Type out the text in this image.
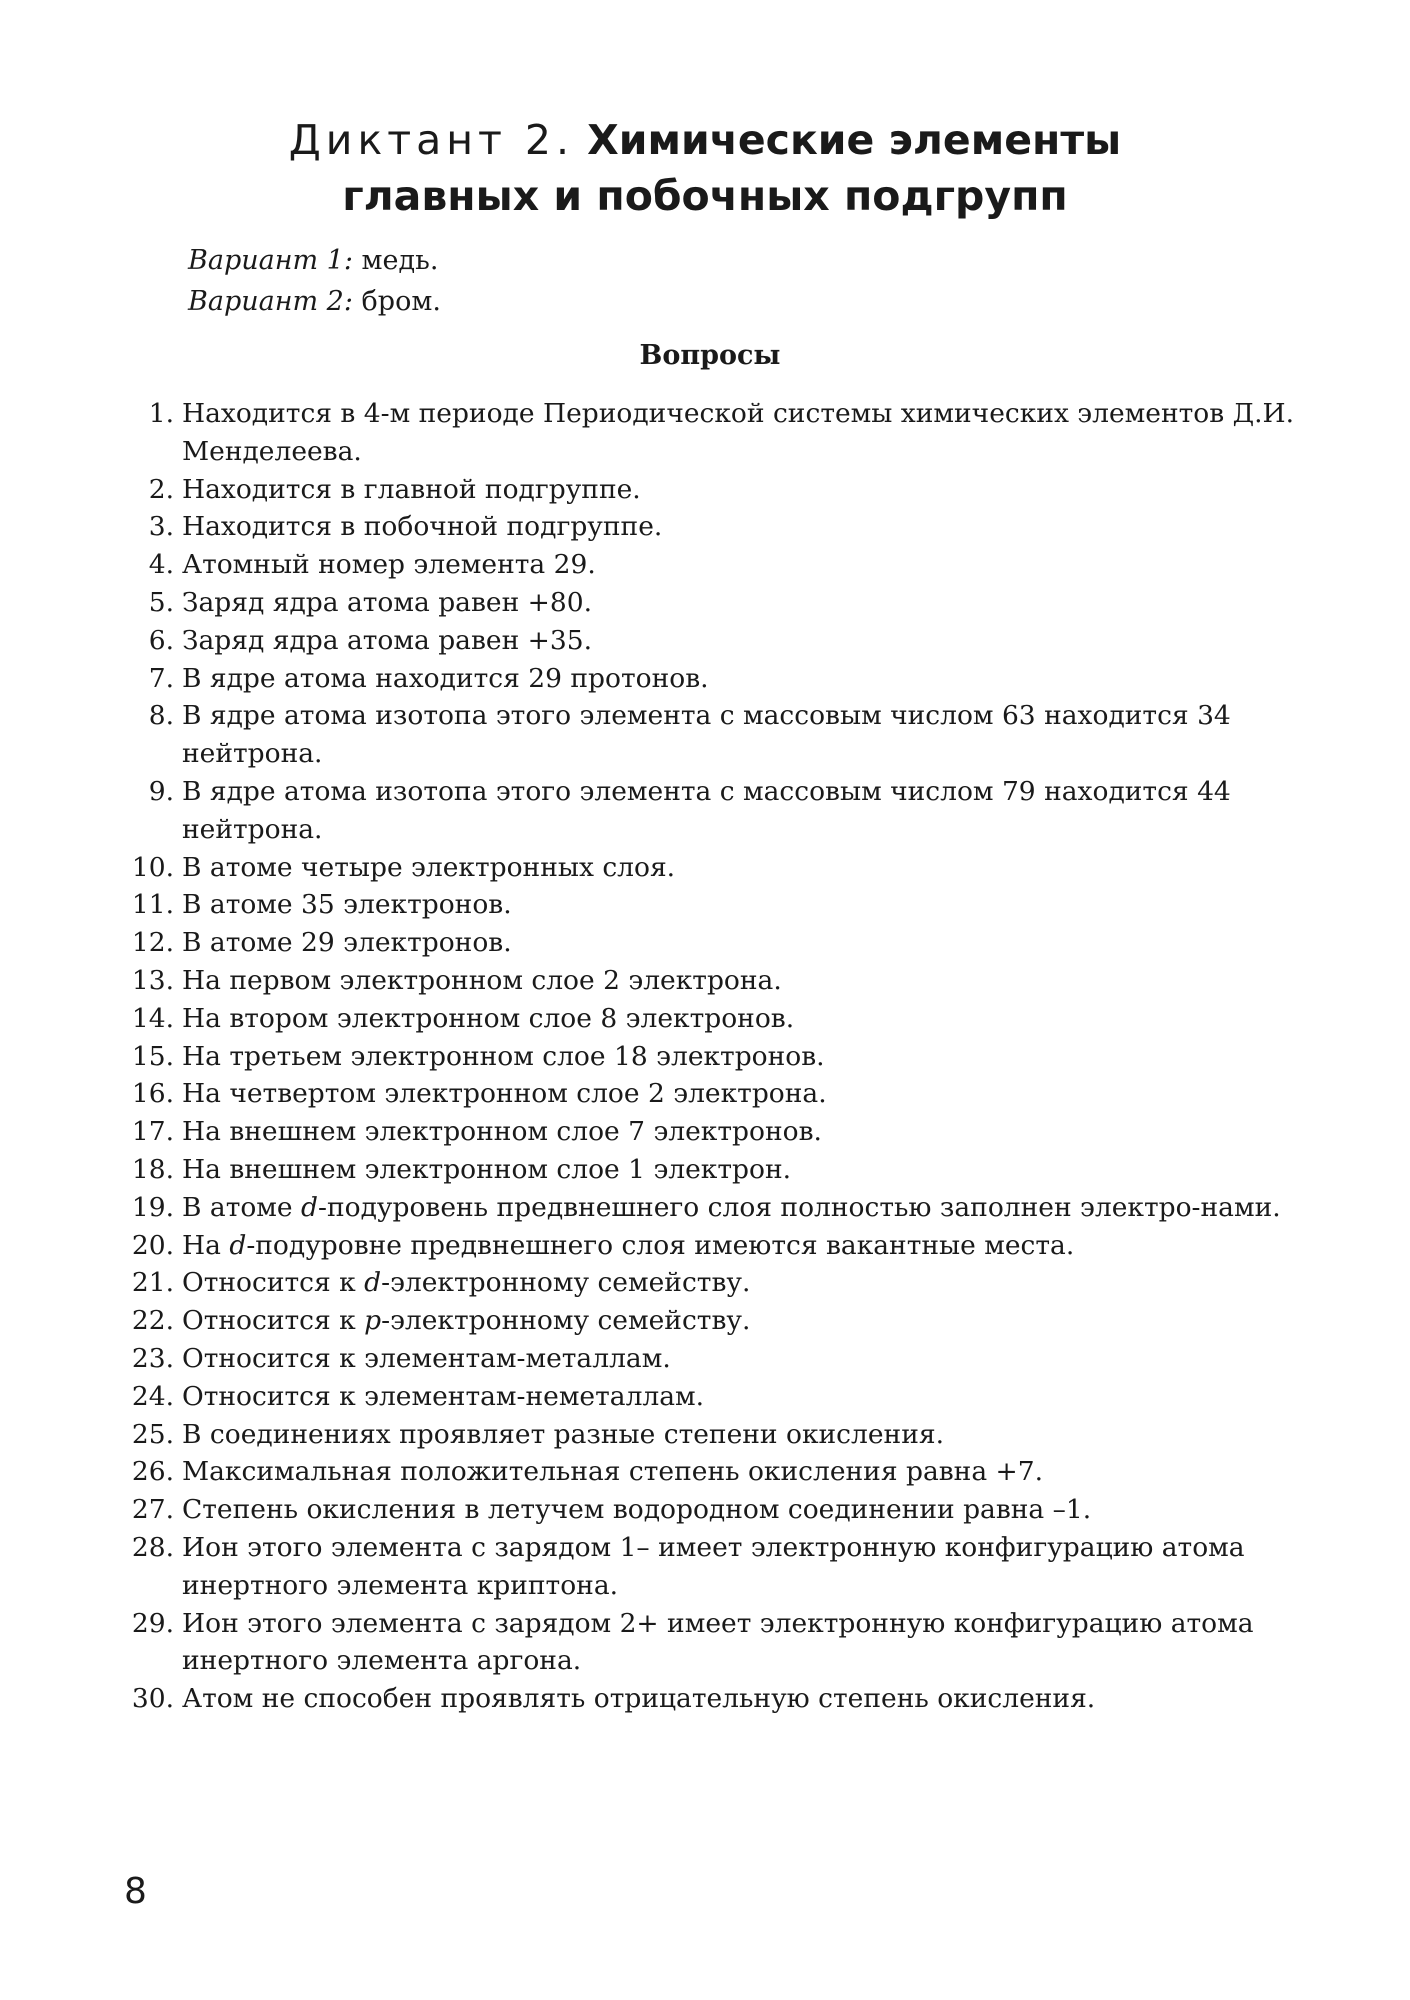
Диктант 2. Химические элементы
главных и побочных подгрупп
Вариант 1: медь.
Вариант 2: бром.
Вопросы
1. Находится в 4-м периоде Периодической системы химических элементов Д.И. Менделеева.
2. Находится в главной подгруппе.
3. Находится в побочной подгруппе.
4. Атомный номер элемента 29.
5. Заряд ядра атома равен +80.
6. Заряд ядра атома равен +35.
7. В ядре атома находится 29 протонов.
8. В ядре атома изотопа этого элемента с массовым числом 63 находится 34 нейтрона.
9. В ядре атома изотопа этого элемента с массовым числом 79 находится 44 нейтрона.
10. В атоме четыре электронных слоя.
11. В атоме 35 электронов.
12. В атоме 29 электронов.
13. На первом электронном слое 2 электрона.
14. На втором электронном слое 8 электронов.
15. На третьем электронном слое 18 электронов.
16. На четвертом электронном слое 2 электрона.
17. На внешнем электронном слое 7 электронов.
18. На внешнем электронном слое 1 электрон.
19. В атоме d-подуровень предвнешнего слоя полностью заполнен электро-нами.
20. На d-подуровне предвнешнего слоя имеются вакантные места.
21. Относится к d-электронному семейству.
22. Относится к p-электронному семейству.
23. Относится к элементам-металлам.
24. Относится к элементам-неметаллам.
25. В соединениях проявляет разные степени окисления.
26. Максимальная положительная степень окисления равна +7.
27. Степень окисления в летучем водородном соединении равна –1.
28. Ион этого элемента с зарядом 1– имеет электронную конфигурацию атома инертного элемента криптона.
29. Ион этого элемента с зарядом 2+ имеет электронную конфигурацию атома инертного элемента аргона.
30. Атом не способен проявлять отрицательную степень окисления.
8
